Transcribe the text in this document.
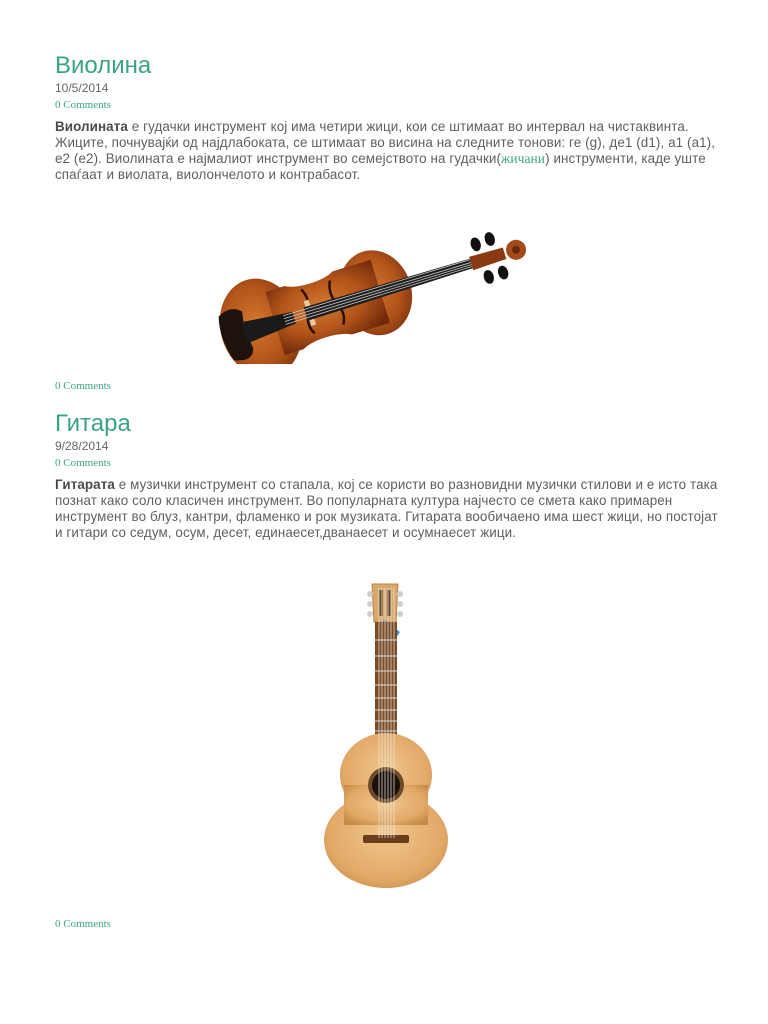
Виолина
10/5/2014
0 Comments
Виолината е гудачки инструмент кој има четири жици, кои се штимаат во интервал на чистаквинта. Жиците, почнувајќи од најдлабоката, се штимаат во висина на следните тонови: ге (g), де1 (d1), а1 (a1), е2 (e2). Виолината е најмалиот инструмент во семејството на гудачки(жичани) инструменти, каде уште спаѓаат и виолата, виолончелото и контрабасот.
0 Comments
Гитара
9/28/2014
0 Comments
Гитарата е музички инструмент со стапала, кој се користи во разновидни музички стилови и е исто така познат како соло класичен инструмент. Во популарната култура најчесто се смета како примарен инструмент во блуз, кантри, фламенко и рок музиката. Гитарата вообичаено има шест жици, но постојат и гитари со седум, осум, десет, единаесет,дванаесет и осумнаесет жици.
0 Comments
